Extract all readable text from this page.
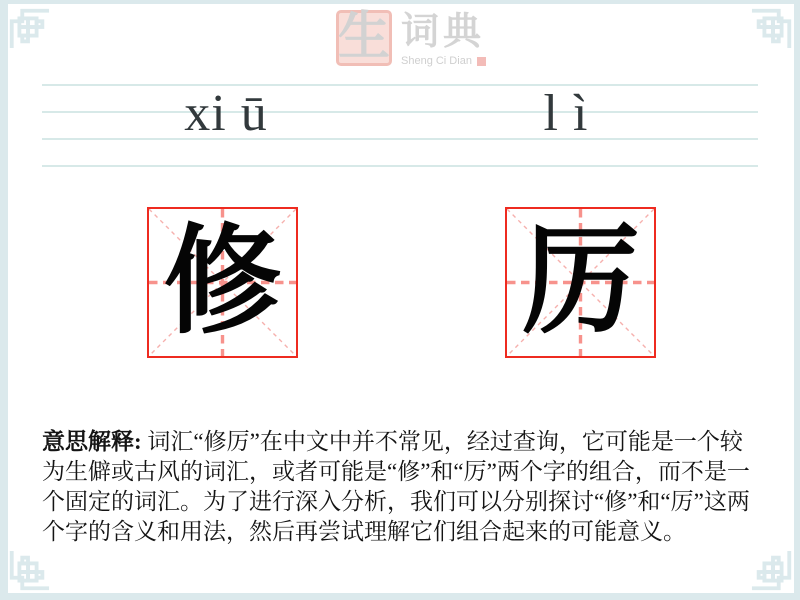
生 词典
Sheng Ci Dian
xi ū	l ì
修 厉

意思解释: 词汇“修厉”在中文中并不常见，经过查询，它可能是一个较为生僻或古风的词汇，或者可能是“修”和“厉”两个字的组合，而不是一个固定的词汇。为了进行深入分析，我们可以分别探讨“修”和“厉”这两个字的含义和用法，然后再尝试理解它们组合起来的可能意义。
